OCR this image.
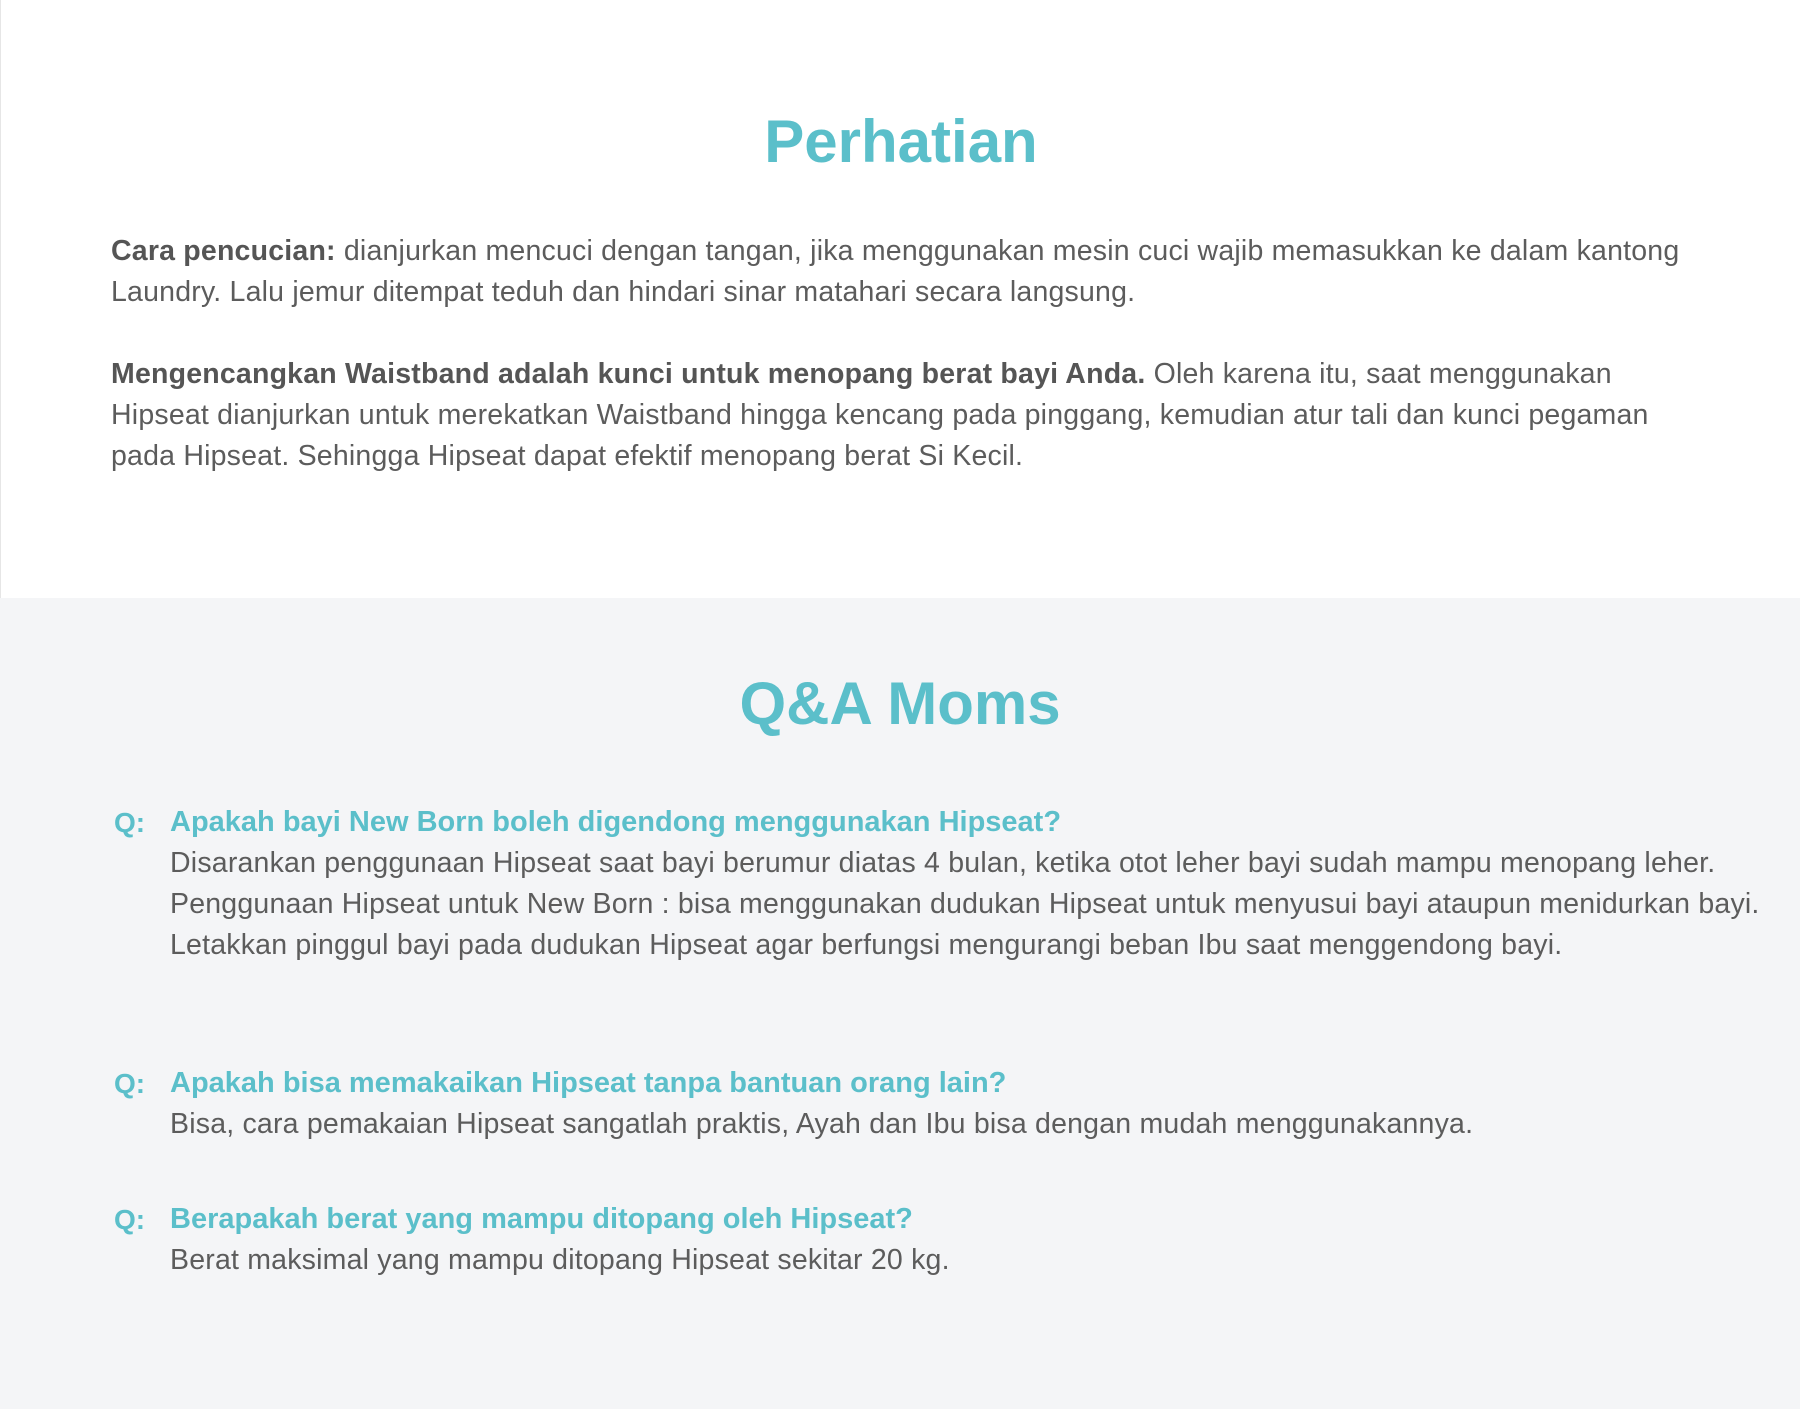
Perhatian

Cara pencucian: dianjurkan mencuci dengan tangan, jika menggunakan mesin cuci wajib memasukkan ke dalam kantong Laundry. Lalu jemur ditempat teduh dan hindari sinar matahari secara langsung.

Mengencangkan Waistband adalah kunci untuk menopang berat bayi Anda. Oleh karena itu, saat menggunakan Hipseat dianjurkan untuk merekatkan Waistband hingga kencang pada pinggang, kemudian atur tali dan kunci pegaman pada Hipseat. Sehingga Hipseat dapat efektif menopang berat Si Kecil.

Q&A Moms
Q: Apakah bayi New Born boleh digendong menggunakan Hipseat?

Disarankan penggunaan Hipseat saat bayi berumur diatas 4 bulan, ketika otot leher bayi sudah mampu menopang leher. Penggunaan Hipseat untuk New Born : bisa menggunakan dudukan Hipseat untuk menyusui bayi ataupun menidurkan bayi. Letakkan pinggul bayi pada dudukan Hipseat agar berfungsi mengurangi beban Ibu saat menggendong bayi.

Q: Apakah bisa memakaikan Hipseat tanpa bantuan orang lain?

Bisa, cara pemakaian Hipseat sangatlah praktis, Ayah dan Ibu bisa dengan mudah menggunakannya.

Q: Berapakah berat yang mampu ditopang oleh Hipseat?

Berat maksimal yang mampu ditopang Hipseat sekitar 20 kg.
